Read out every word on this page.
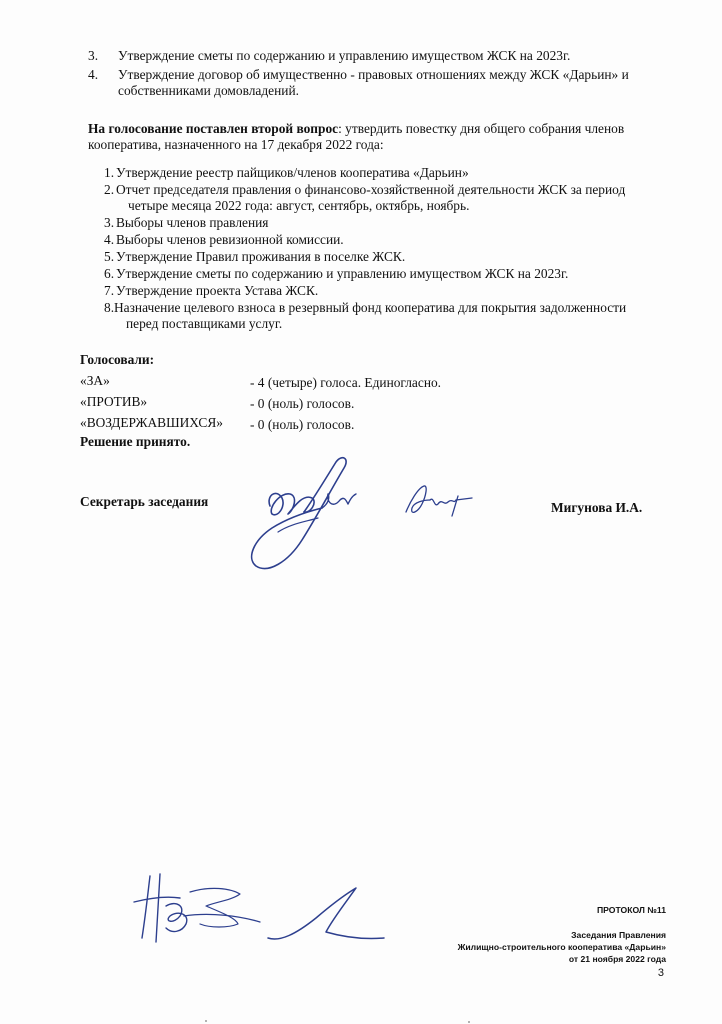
3.	Утверждение сметы по содержанию и управлению имуществом ЖСК на 2023г.
4.	Утверждение договор об имущественно - правовых отношениях между ЖСК «Дарьин» и
собственниками домовладений.
На голосование поставлен второй вопрос: утвердить повестку дня общего собрания членов
кооператива, назначенного на 17 декабря 2022 года:
1. Утверждение реестр пайщиков/членов кооператива «Дарьин»
2. Отчет председателя правления о финансово-хозяйственной деятельности ЖСК за период
четыре месяца 2022 года: август, сентябрь, октябрь, ноябрь.
3. Выборы членов правления
4. Выборы членов ревизионной комиссии.
5. Утверждение Правил проживания в поселке ЖСК.
6. Утверждение сметы по содержанию и управлению имуществом ЖСК на 2023г.
7. Утверждение проекта Устава ЖСК.
8. Назначение целевого взноса в резервный фонд кооператива для покрытия задолженности
перед поставщиками услуг.
Голосовали:
«ЗА»	- 4 (четыре) голоса. Единогласно.
«ПРОТИВ»	- 0 (ноль) голосов.
«ВОЗДЕРЖАВШИХСЯ» - 0 (ноль) голосов.
Решение принято.
Секретарь заседания	Мигунова И.А.
ПРОТОКОЛ №11
Заседания Правления
Жилищно-строительного кооператива «Дарьин»
от 21 ноября 2022 года
3
